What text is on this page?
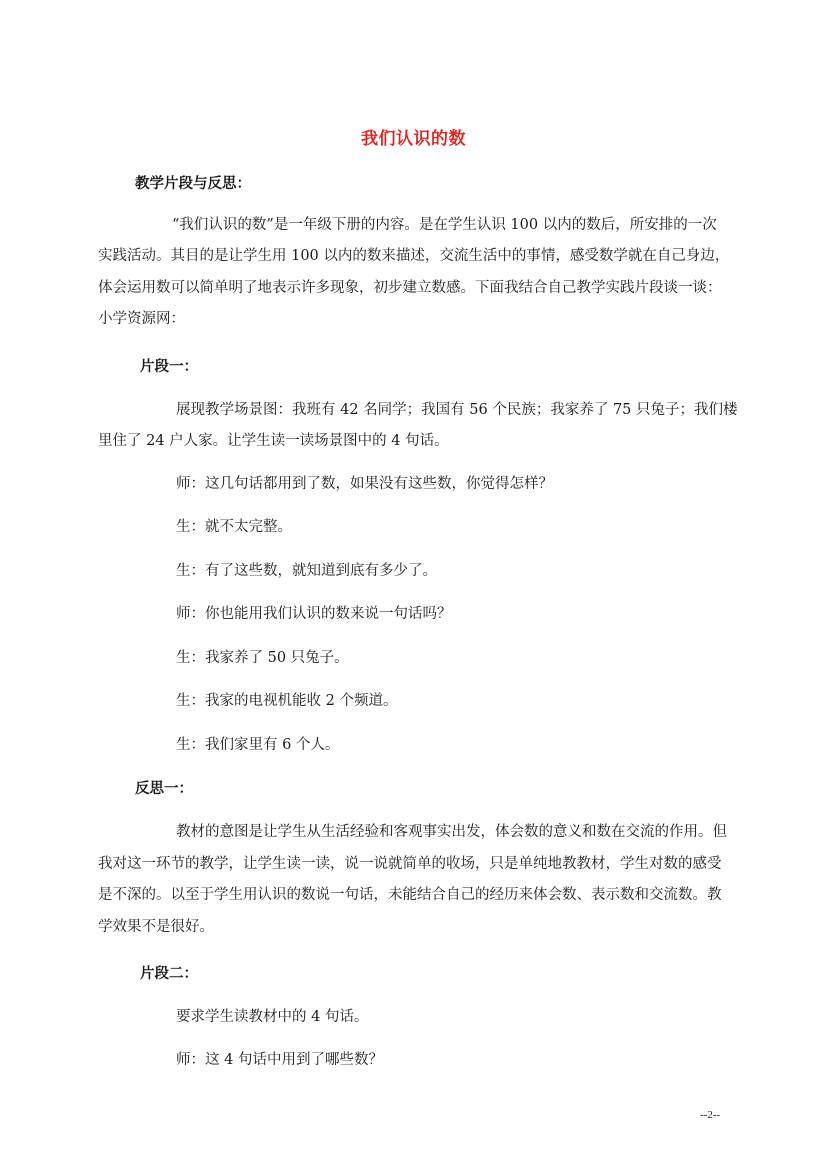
我们认识的数
教学片段与反思：
“我们认识的数”是一年级下册的内容。是在学生认识 100 以内的数后，所安排的一次
实践活动。其目的是让学生用 100 以内的数来描述，交流生活中的事情，感受数学就在自己身边，
体会运用数可以简单明了地表示许多现象，初步建立数感。下面我结合自己教学实践片段谈一谈：
小学资源网：
片段一：
展现教学场景图：我班有 42 名同学；我国有 56 个民族；我家养了 75 只兔子；我们楼
里住了 24 户人家。让学生读一读场景图中的 4 句话。
师：这几句话都用到了数，如果没有这些数，你觉得怎样？
生：就不太完整。
生：有了这些数，就知道到底有多少了。
师：你也能用我们认识的数来说一句话吗？
生：我家养了 50 只兔子。
生：我家的电视机能收 2 个频道。
生：我们家里有 6 个人。
反思一：
教材的意图是让学生从生活经验和客观事实出发，体会数的意义和数在交流的作用。但
我对这一环节的教学，让学生读一读，说一说就简单的收场，只是单纯地教教材，学生对数的感受
是不深的。以至于学生用认识的数说一句话，未能结合自己的经历来体会数、表示数和交流数。教
学效果不是很好。
片段二：
要求学生读教材中的 4 句话。
师：这 4 句话中用到了哪些数？
--2--
